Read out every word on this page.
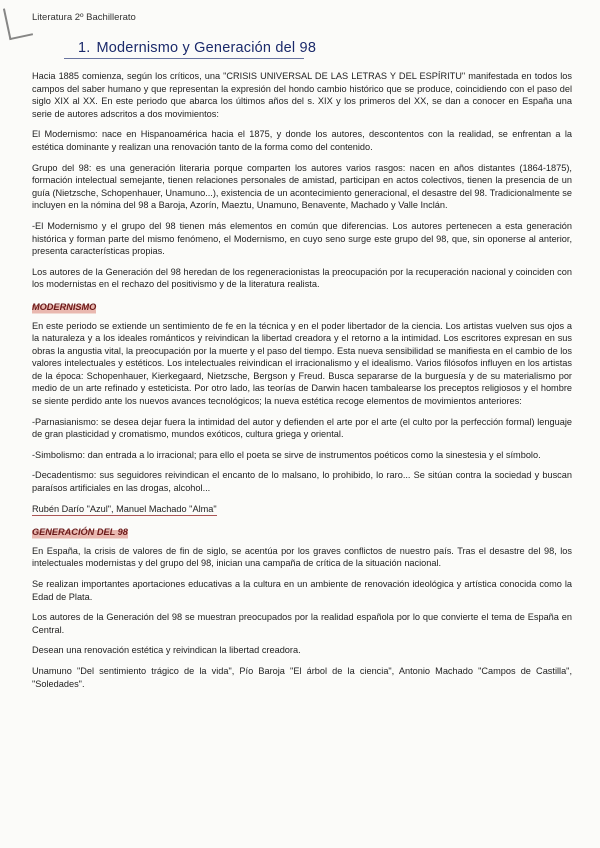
Literatura 2º Bachillerato
1. Modernismo y Generación del 98

Hacia 1885 comienza, según los críticos, una "CRISIS UNIVERSAL DE LAS LETRAS Y DEL ESPÍRITU" manifestada en todos los campos del saber humano y que representan la expresión del hondo cambio histórico que se produce, coincidiendo con el paso del siglo XIX al XX. En este periodo que abarca los últimos años del s. XIX y los primeros del XX, se dan a conocer en España una serie de autores adscritos a dos movimientos:

El Modernismo: nace en Hispanoamérica hacia el 1875, y donde los autores, descontentos con la realidad, se enfrentan a la estética dominante y realizan una renovación tanto de la forma como del contenido.

Grupo del 98: es una generación literaria porque comparten los autores varios rasgos: nacen en años distantes (1864-1875), formación intelectual semejante, tienen relaciones personales de amistad, participan en actos colectivos, tienen la presencia de un guía (Nietzsche, Schopenhauer, Unamuno...), existencia de un acontecimiento generacional, el desastre del 98. Tradicionalmente se incluyen en la nómina del 98 a Baroja, Azorín, Maeztu, Unamuno, Benavente, Machado y Valle Inclán.

-El Modernismo y el grupo del 98 tienen más elementos en común que diferencias. Los autores pertenecen a esta generación histórica y forman parte del mismo fenómeno, el Modernismo, en cuyo seno surge este grupo del 98, que, sin oponerse al anterior, presenta características propias.

Los autores de la Generación del 98 heredan de los regeneracionistas la preocupación por la recuperación nacional y coinciden con los modernistas en el rechazo del positivismo y de la literatura realista.

MODERNISMO

En este periodo se extiende un sentimiento de fe en la técnica y en el poder libertador de la ciencia. Los artistas vuelven sus ojos a la naturaleza y a los ideales románticos y reivindican la libertad creadora y el retorno a la intimidad. Los escritores expresan en sus obras la angustia vital, la preocupación por la muerte y el paso del tiempo. Esta nueva sensibilidad se manifiesta en el cambio de los valores intelectuales y estéticos. Los intelectuales reivindican el irracionalismo y el idealismo. Varios filósofos influyen en los artistas de la época: Schopenhauer, Kierkegaard, Nietzsche, Bergson y Freud. Busca separarse de la burguesía y de su materialismo por medio de un arte refinado y esteticista. Por otro lado, las teorías de Darwin hacen tambalearse los preceptos religiosos y el hombre se siente perdido ante los nuevos avances tecnológicos; la nueva estética recoge elementos de movimientos anteriores:

-Parnasianismo: se desea dejar fuera la intimidad del autor y defienden el arte por el arte (el culto por la perfección formal) lenguaje de gran plasticidad y cromatismo, mundos exóticos, cultura griega y oriental.

-Simbolismo: dan entrada a lo irracional; para ello el poeta se sirve de instrumentos poéticos como la sinestesia y el símbolo.

-Decadentismo: sus seguidores reivindican el encanto de lo malsano, lo prohibido, lo raro... Se sitúan contra la sociedad y buscan paraísos artificiales en las drogas, alcohol...

Rubén Darío "Azul", Manuel Machado "Alma"

GENERACIÓN DEL 98

En España, la crisis de valores de fin de siglo, se acentúa por los graves conflictos de nuestro país. Tras el desastre del 98, los intelectuales modernistas y del grupo del 98, inician una campaña de crítica de la situación nacional.

Se realizan importantes aportaciones educativas a la cultura en un ambiente de renovación ideológica y artística conocida como la Edad de Plata.

Los autores de la Generación del 98 se muestran preocupados por la realidad española por lo que convierte el tema de España en Central.

Desean una renovación estética y reivindican la libertad creadora.

Unamuno "Del sentimiento trágico de la vida", Pío Baroja "El árbol de la ciencia", Antonio Machado "Campos de Castilla", "Soledades".
